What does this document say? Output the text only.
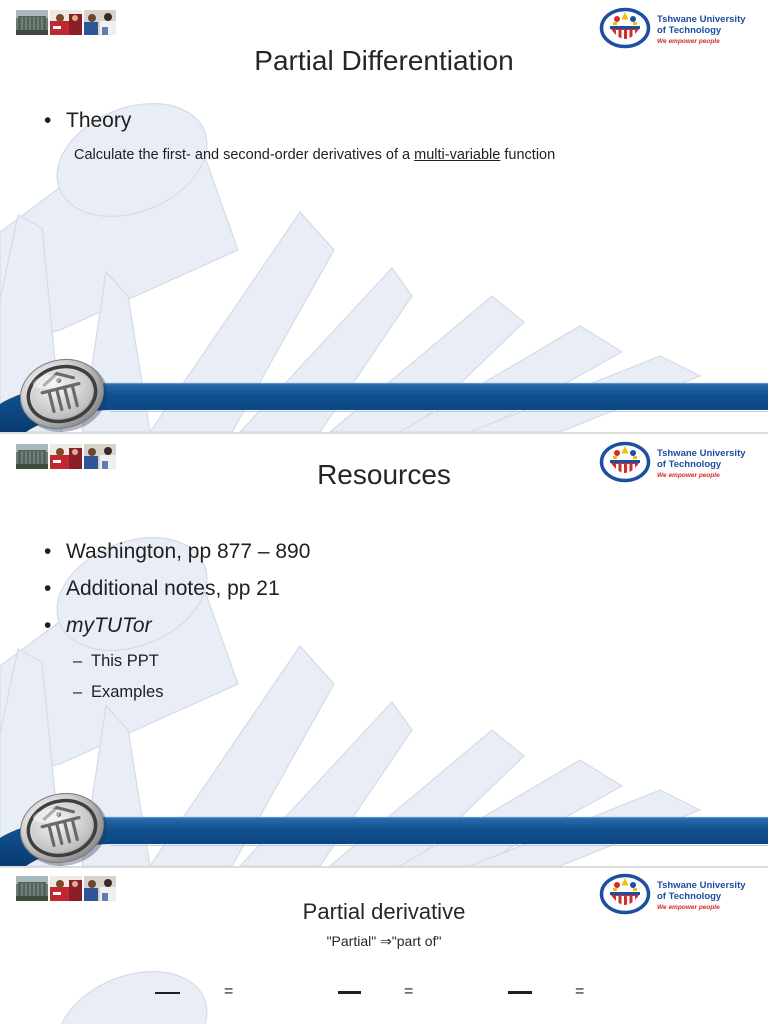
Tshwane University
of Technology
We empower people
Partial Differentiation
• Theory
Calculate the first- and second-order derivatives of a multi-variable function
Tshwane University
of Technology
We empower people
Resources
• Washington, pp 877 – 890
• Additional notes, pp 21
• myTUTor
– This PPT
– Examples
Tshwane University
of Technology
We empower people
Partial derivative
"Partial" ⇒"part of"
=	=	=
